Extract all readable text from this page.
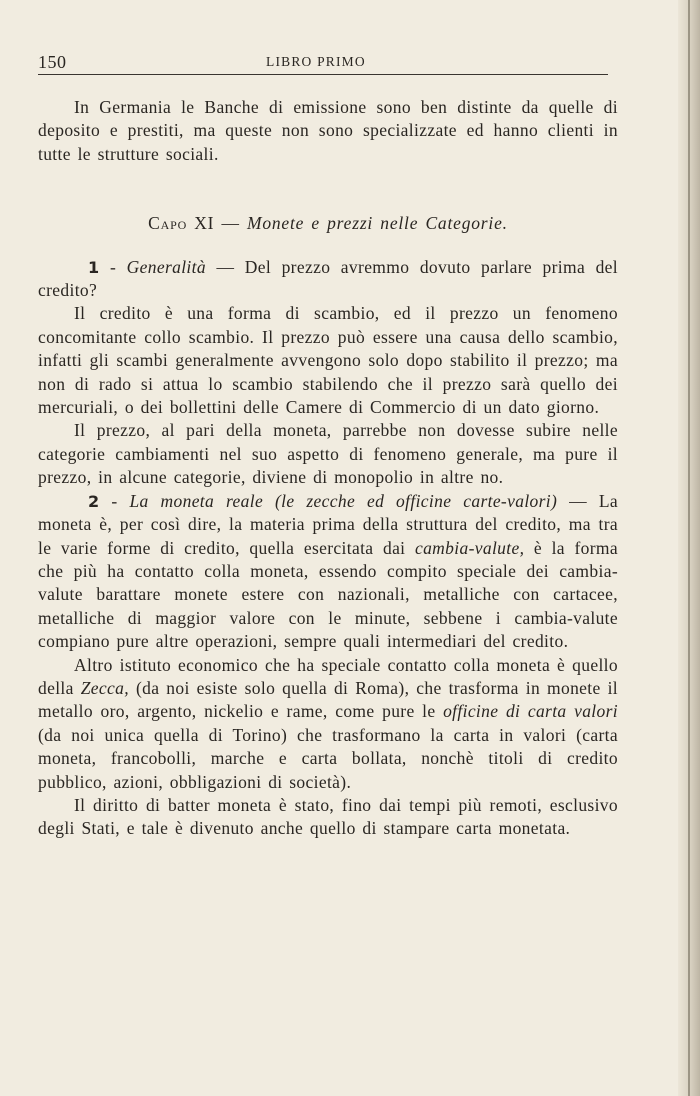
150	LIBRO PRIMO

In Germania le Banche di emissione sono ben distinte da quelle di deposito e prestiti, ma queste non sono specializzate ed hanno clienti in tutte le strutture sociali.

Capo XI — Monete e prezzi nelle Categorie.

1 - Generalità — Del prezzo avremmo dovuto parlare prima del credito?

Il credito è una forma di scambio, ed il prezzo un fenomeno concomitante collo scambio. Il prezzo può essere una causa dello scambio, infatti gli scambi generalmente avvengono solo dopo stabilito il prezzo; ma non di rado si attua lo scambio stabilendo che il prezzo sarà quello dei mercuriali, o dei bollettini delle Camere di Commercio di un dato giorno.

Il prezzo, al pari della moneta, parrebbe non dovesse subire nelle categorie cambiamenti nel suo aspetto di fenomeno generale, ma pure il prezzo, in alcune categorie, diviene di monopolio in altre no.

2 - La moneta reale (le zecche ed officine carte-valori) — La moneta è, per così dire, la materia prima della struttura del credito, ma tra le varie forme di credito, quella esercitata dai cambia-valute, è la forma che più ha contatto colla moneta, essendo compito speciale dei cambia-valute barattare monete estere con nazionali, metalliche con cartacee, metalliche di maggior valore con le minute, sebbene i cambia-valute compiano pure altre operazioni, sempre quali intermediari del credito.

Altro istituto economico che ha speciale contatto colla moneta è quello della Zecca, (da noi esiste solo quella di Roma), che trasforma in monete il metallo oro, argento, nickelio e rame, come pure le officine di carta valori (da noi unica quella di Torino) che trasformano la carta in valori (carta moneta, francobolli, marche e carta bollata, nonchè titoli di credito pubblico, azioni, obbligazioni di società).

Il diritto di batter moneta è stato, fino dai tempi più remoti, esclusivo degli Stati, e tale è divenuto anche quello di stampare carta monetata.
